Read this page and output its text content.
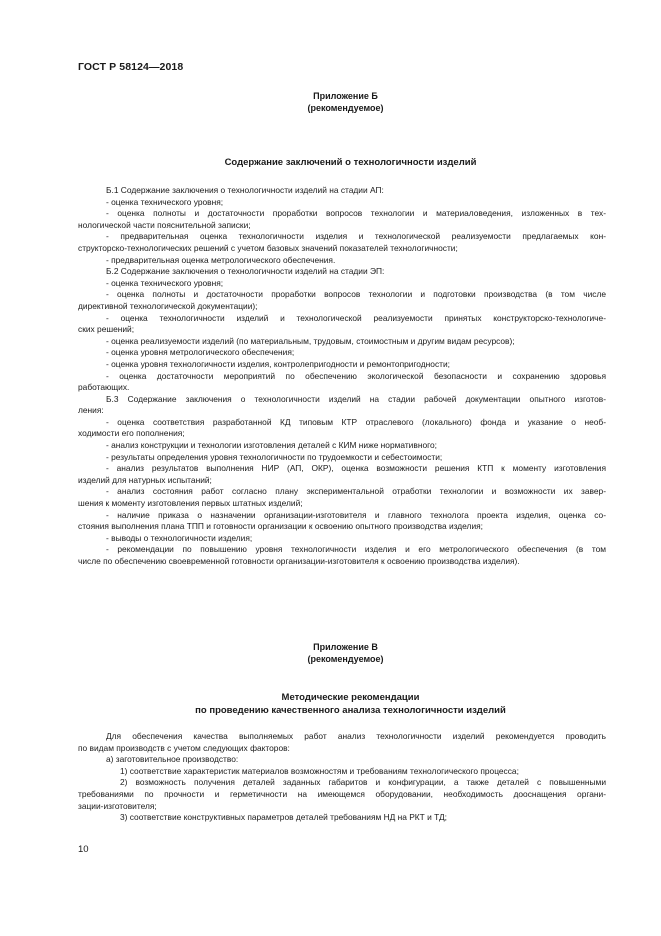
ГОСТ Р 58124—2018
Приложение Б
(рекомендуемое)
Содержание заключений о технологичности изделий
Б.1 Содержание заключения о технологичности изделий на стадии АП:
- оценка технического уровня;
- оценка полноты и достаточности проработки вопросов технологии и материаловедения, изложенных в тех-
нологической части пояснительной записки;
- предварительная оценка технологичности изделия и технологической реализуемости предлагаемых кон-
структорско-технологических решений с учетом базовых значений показателей технологичности;
- предварительная оценка метрологического обеспечения.
Б.2 Содержание заключения о технологичности изделий на стадии ЭП:
- оценка технического уровня;
- оценка полноты и достаточности проработки вопросов технологии и подготовки производства (в том числе
директивной технологической документации);
- оценка технологичности изделий и технологической реализуемости принятых конструкторско-технологиче-
ских решений;
- оценка реализуемости изделий (по материальным, трудовым, стоимостным и другим видам ресурсов);
- оценка уровня метрологического обеспечения;
- оценка уровня технологичности изделия, контролепригодности и ремонтопригодности;
- оценка достаточности мероприятий по обеспечению экологической безопасности и сохранению здоровья
работающих.
Б.3 Содержание заключения о технологичности изделий на стадии рабочей документации опытного изготов-
ления:
- оценка соответствия разработанной КД типовым КТР отраслевого (локального) фонда и указание о необ-
ходимости его пополнения;
- анализ конструкции и технологии изготовления деталей с КИМ ниже нормативного;
- результаты определения уровня технологичности по трудоемкости и себестоимости;
- анализ результатов выполнения НИР (АП, ОКР), оценка возможности решения КТП к моменту изготовления
изделий для натурных испытаний;
- анализ состояния работ согласно плану экспериментальной отработки технологии и возможности их завер-
шения к моменту изготовления первых штатных изделий;
- наличие приказа о назначении организации-изготовителя и главного технолога проекта изделия, оценка со-
стояния выполнения плана ТПП и готовности организации к освоению опытного производства изделия;
- выводы о технологичности изделия;
- рекомендации по повышению уровня технологичности изделия и его метрологического обеспечения (в том
числе по обеспечению своевременной готовности организации-изготовителя к освоению производства изделия).
Приложение В
(рекомендуемое)
Методические рекомендации
по проведению качественного анализа технологичности изделий
Для обеспечения качества выполняемых работ анализ технологичности изделий рекомендуется проводить
по видам производств с учетом следующих факторов:
а) заготовительное производство:
1) соответствие характеристик материалов возможностям и требованиям технологического процесса;
2) возможность получения деталей заданных габаритов и конфигурации, а также деталей с повышенными
требованиями по прочности и герметичности на имеющемся оборудовании, необходимость дооснащения органи-
зации-изготовителя;
3) соответствие конструктивных параметров деталей требованиям НД на РКТ и ТД;
10
